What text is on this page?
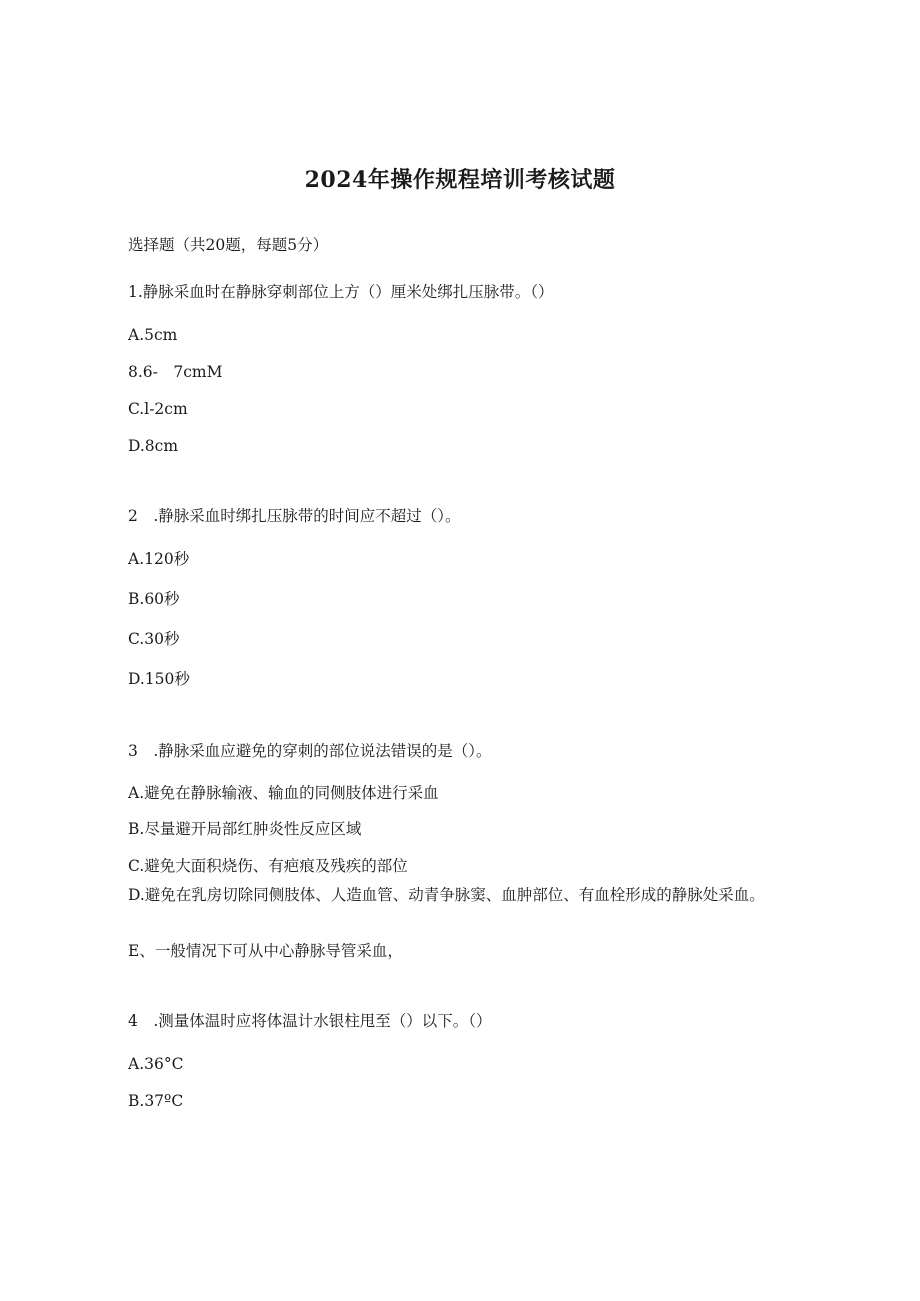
2024年操作规程培训考核试题

选择题（共20题，每题5分）

1.静脉采血时在静脉穿刺部位上方（）厘米处绑扎压脉带。（）

A.5cm

8.6-　7cmM

C.l-2cm

D.8cm

2　.静脉采血时绑扎压脉带的时间应不超过（）。

A.120秒

B.60秒

C.30秒

D.150秒

3　.静脉采血应避免的穿刺的部位说法错误的是（）。

A.避免在静脉输液、输血的同侧肢体进行采血

B.尽量避开局部红肿炎性反应区域

C.避免大面积烧伤、有疤痕及残疾的部位

D.避免在乳房切除同侧肢体、人造血管、动青争脉窦、血肿部位、有血栓形成的静脉处采血。

E、一般情况下可从中心静脉导管采血，

4　.测量体温时应将体温计水银柱甩至（）以下。（）

A.36°C

B.37ºC
